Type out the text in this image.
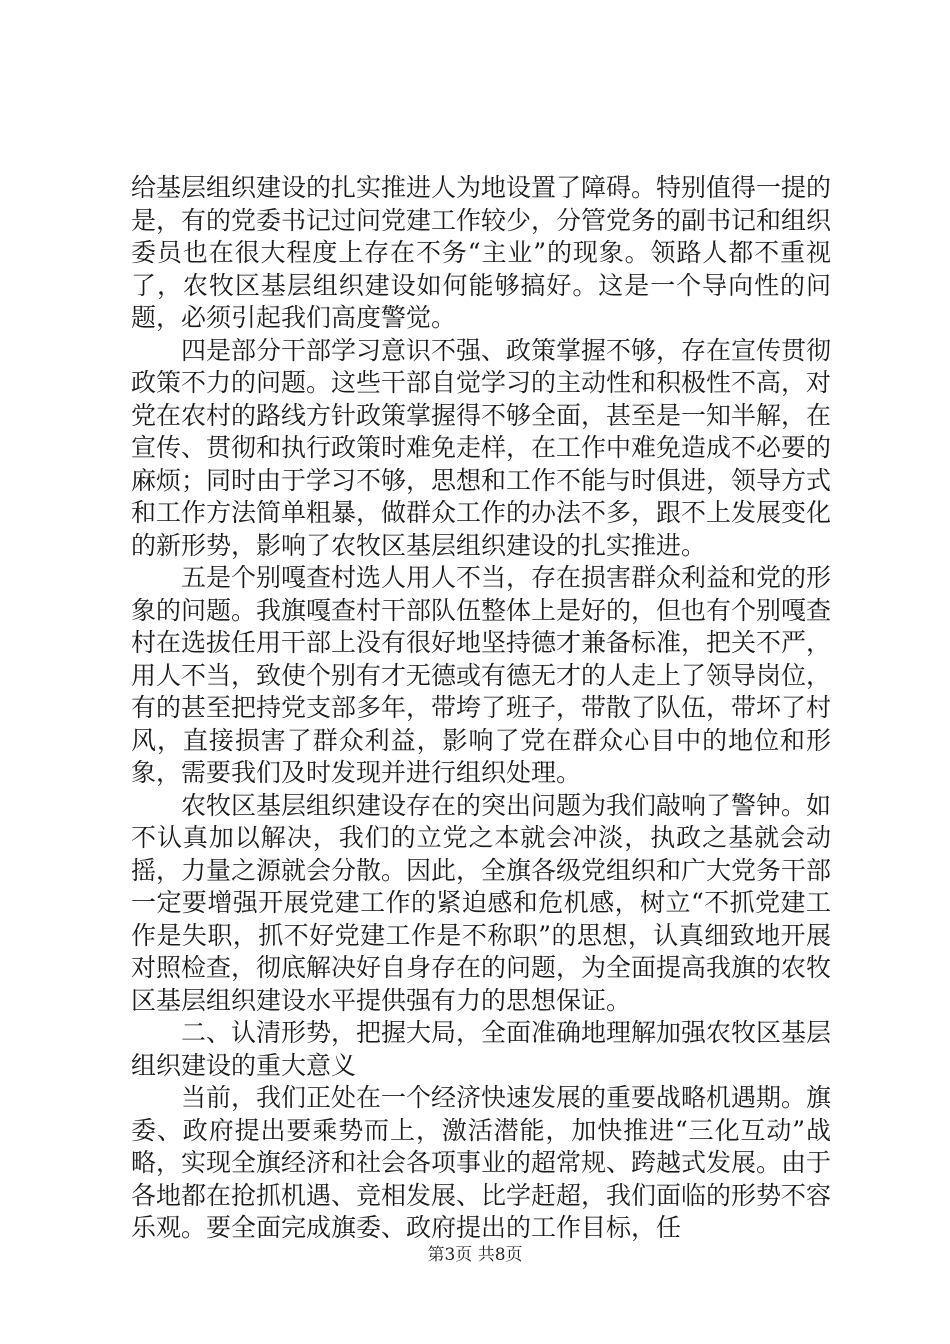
给基层组织建设的扎实推进人为地设置了障碍。特别值得一提的是，有的党委书记过问党建工作较少，分管党务的副书记和组织委员也在很大程度上存在不务“主业”的现象。领路人都不重视了，农牧区基层组织建设如何能够搞好。这是一个导向性的问题，必须引起我们高度警觉。

四是部分干部学习意识不强、政策掌握不够，存在宣传贯彻政策不力的问题。这些干部自觉学习的主动性和积极性不高，对党在农村的路线方针政策掌握得不够全面，甚至是一知半解，在宣传、贯彻和执行政策时难免走样，在工作中难免造成不必要的麻烦；同时由于学习不够，思想和工作不能与时俱进，领导方式和工作方法简单粗暴，做群众工作的办法不多，跟不上发展变化的新形势，影响了农牧区基层组织建设的扎实推进。

五是个别嘎查村选人用人不当，存在损害群众利益和党的形象的问题。我旗嘎查村干部队伍整体上是好的，但也有个别嘎查村在选拔任用干部上没有很好地坚持德才兼备标准，把关不严，用人不当，致使个别有才无德或有德无才的人走上了领导岗位，有的甚至把持党支部多年，带垮了班子，带散了队伍，带坏了村风，直接损害了群众利益，影响了党在群众心目中的地位和形象，需要我们及时发现并进行组织处理。

农牧区基层组织建设存在的突出问题为我们敲响了警钟。如不认真加以解决，我们的立党之本就会冲淡，执政之基就会动摇，力量之源就会分散。因此，全旗各级党组织和广大党务干部一定要增强开展党建工作的紧迫感和危机感，树立“不抓党建工作是失职，抓不好党建工作是不称职”的思想，认真细致地开展对照检查，彻底解决好自身存在的问题，为全面提高我旗的农牧区基层组织建设水平提供强有力的思想保证。

二、认清形势，把握大局，全面准确地理解加强农牧区基层组织建设的重大意义

当前，我们正处在一个经济快速发展的重要战略机遇期。旗委、政府提出要乘势而上，激活潜能，加快推进“三化互动”战略，实现全旗经济和社会各项事业的超常规、跨越式发展。由于各地都在抢抓机遇、竞相发展、比学赶超，我们面临的形势不容乐观。要全面完成旗委、政府提出的工作目标，任

第3页 共8页
